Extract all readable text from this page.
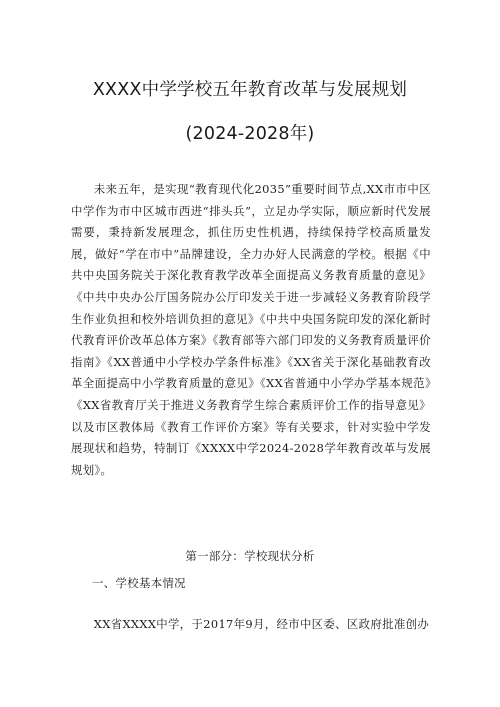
XXXX中学学校五年教育改革与发展规划
(2024-2028年)

未来五年，是实现“教育现代化2035”重要时间节点,XX市市中区中学作为市中区城市西进“排头兵”，立足办学实际，顺应新时代发展需要，秉持新发展理念，抓住历史性机遇，持续保持学校高质量发展，做好“学在市中”品牌建设，全力办好人民满意的学校。根据《中共中央国务院关于深化教育教学改革全面提高义务教育质量的意见》《中共中央办公厅国务院办公厅印发关于进一步减轻义务教育阶段学生作业负担和校外培训负担的意见》《中共中央国务院印发的深化新时代教育评价改革总体方案》《教育部等六部门印发的义务教育质量评价指南》《XX普通中小学校办学条件标准》《XX省关于深化基础教育改革全面提高中小学教育质量的意见》《XX省普通中小学办学基本规范》《XX省教育厅关于推进义务教育学生综合素质评价工作的指导意见》以及市区教体局《教育工作评价方案》等有关要求，针对实验中学发展现状和趋势，特制订《XXXX中学2024-2028学年教育改革与发展规划》。

第一部分：学校现状分析
一、学校基本情况

XX省XXXX中学，于2017年9月，经市中区委、区政府批准创办
